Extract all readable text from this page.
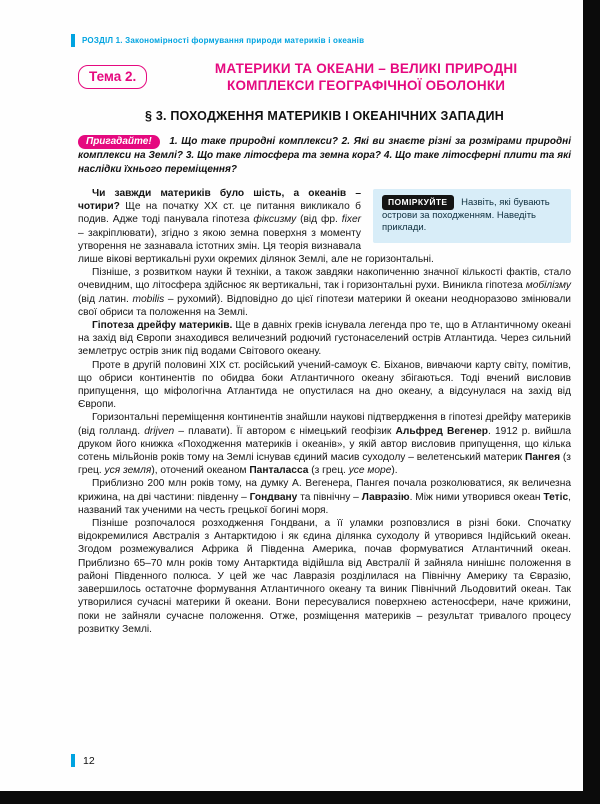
РОЗДІЛ 1. Закономірності формування природи материків і океанів
Тема 2.
МАТЕРИКИ ТА ОКЕАНИ – ВЕЛИКІ ПРИРОДНІ
КОМПЛЕКСИ ГЕОГРАФІЧНОЇ ОБОЛОНКИ
§ 3. ПОХОДЖЕННЯ МАТЕРИКІВ І ОКЕАНІЧНИХ ЗАПАДИН
Пригадайте! 1. Що таке природні комплекси? 2. Які ви знаєте різні за розмірами природні комплекси на Землі? 3. Що таке літосфера та земна кора? 4. Що таке літосферні плити та які наслідки їхнього переміщення?
ПОМІРКУЙТЕ Назвіть, які бувають острови за походженням. Наведіть приклади.

Чи завжди материків було шість, а океанів – чотири? Ще на початку XX ст. це питання викликало б подив. Адже тоді панувала гіпотеза фіксизму (від фр. fixer – закріплювати), згідно з якою земна поверхня з моменту утворення не зазнавала істотних змін. Ця теорія визнавала лише вікові вертикальні рухи окремих ділянок Землі, але не горизонтальні.

Пізніше, з розвитком науки й техніки, а також завдяки накопиченню значної кількості фактів, стало очевидним, що літосфера здійснює як вертикальні, так і горизонтальні рухи. Виникла гіпотеза мобілізму (від латин. mobilis – рухомий). Відповідно до цієї гіпотези материки й океани неодноразово змінювали свої обриси та положення на Землі.

Гіпотеза дрейфу материків. Ще в давніх греків існувала легенда про те, що в Атлантичному океані на захід від Європи знаходився величезний родючий густонаселений острів Атлантида. Через сильний землетрус острів зник під водами Світового океану.

Проте в другій половині XIX ст. російський учений-самоук Є. Біханов, вивчаючи карту світу, помітив, що обриси континентів по обидва боки Атлантичного океану збігаються. Тоді вчений висловив припущення, що міфологічна Атлантида не опустилася на дно океану, а відсунулася на захід від Європи.

Горизонтальні переміщення континентів знайшли наукові підтвердження в гіпотезі дрейфу материків (від голланд. drijven – плавати). Її автором є німецький геофізик Альфред Вегенер. 1912 р. вийшла друком його книжка «Походження материків і океанів», у якій автор висловив припущення, що кілька сотень мільйонів років тому на Землі існував єдиний масив суходолу – велетенський материк Пангея (з грец. уся земля), оточений океаном Панталасса (з грец. усе море).

Приблизно 200 млн років тому, на думку А. Вегенера, Пангея почала розколюватися, як величезна крижина, на дві частини: південну – Гондвану та північну – Лавразію. Між ними утворився океан Тетіс, названий так ученими на честь грецької богині моря.

Пізніше розпочалося розходження Гондвани, а її уламки розповзлися в різні боки. Спочатку відокремилися Австралія з Антарктидою і як єдина ділянка суходолу й утворився Індійський океан. Згодом розмежувалися Африка й Південна Америка, почав формуватися Атлантичний океан. Приблизно 65–70 млн років тому Антарктида відійшла від Австралії й зайняла нинішнє положення в районі Південного полюса. У цей же час Лавразія розділилася на Північну Америку та Євразію, завершилось остаточне формування Атлантичного океану та виник Північний Льодовитий океан. Так утворилися сучасні материки й океани. Вони пересувалися поверхнею астеносфери, наче крижини, поки не зайняли сучасне положення. Отже, розміщення материків – результат тривалого процесу розвитку Землі.

12
